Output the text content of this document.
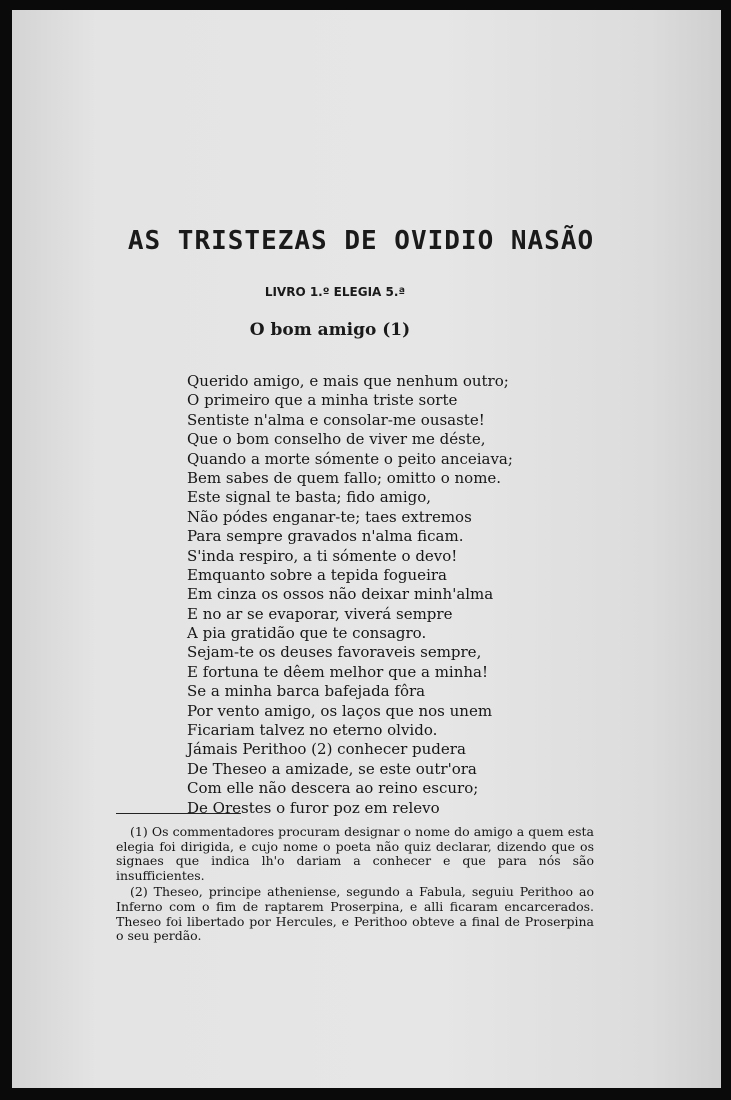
AS TRISTEZAS DE OVIDIO NASÃO
LIVRO 1.º ELEGIA 5.ª
O bom amigo (1)
Querido amigo, e mais que nenhum outro;
O primeiro que a minha triste sorte
Sentiste n'alma e consolar-me ousaste!
Que o bom conselho de viver me déste,
Quando a morte sómente o peito anceiava;
Bem sabes de quem fallo; omitto o nome.
Este signal te basta; fido amigo,
Não pódes enganar-te; taes extremos
Para sempre gravados n'alma ficam.
S'inda respiro, a ti sómente o devo!
Emquanto sobre a tepida fogueira
Em cinza os ossos não deixar minh'alma
E no ar se evaporar, viverá sempre
A pia gratidão que te consagro.
Sejam-te os deuses favoraveis sempre,
E fortuna te dêem melhor que a minha!
Se a minha barca bafejada fôra
Por vento amigo, os laços que nos unem
Ficariam talvez no eterno olvido.
Jámais Perithoo (2) conhecer pudera
De Theseo a amizade, se este outr'ora
Com elle não descera ao reino escuro;
De Orestes o furor poz em relevo
(1) Os commentadores procuram designar o nome do amigo a quem esta elegia foi dirigida, e cujo nome o poeta não quiz declarar, dizendo que os signaes que indica lh'o dariam a conhecer e que para nós são insufficientes.
(2) Theseo, principe atheniense, segundo a Fabula, seguiu Perithoo ao Inferno com o fim de raptarem Proserpina, e alli ficaram encarcerados. Theseo foi libertado por Hercules, e Perithoo obteve a final de Proserpina o seu perdão.
